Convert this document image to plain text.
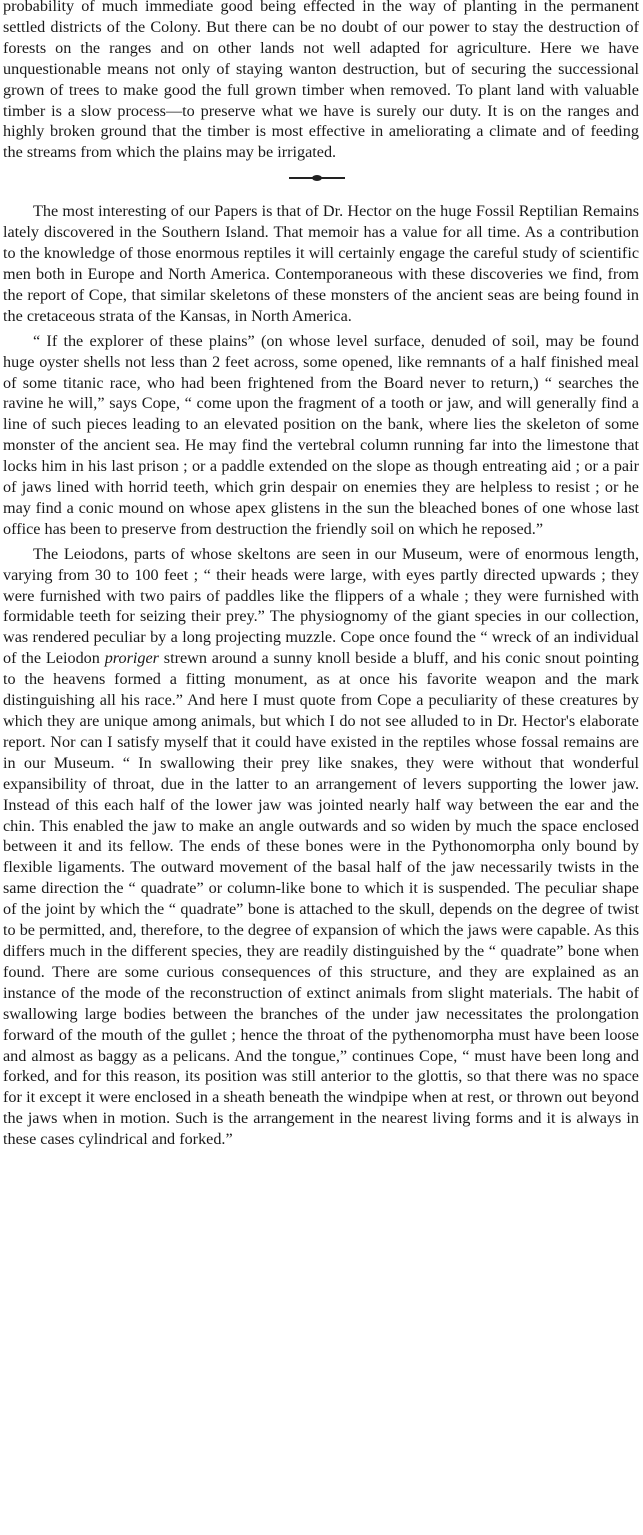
probability of much immediate good being effected in the way of planting in the permanent settled districts of the Colony. But there can be no doubt of our power to stay the destruction of forests on the ranges and on other lands not well adapted for agriculture. Here we have unquestionable means not only of staying wanton destruction, but of securing the successional grown of trees to make good the full grown timber when removed. To plant land with valuable timber is a slow process—to preserve what we have is surely our duty. It is on the ranges and highly broken ground that the timber is most effective in ameliorating a climate and of feeding the streams from which the plains may be irrigated.

The most interesting of our Papers is that of Dr. Hector on the huge Fossil Reptilian Remains lately discovered in the Southern Island. That memoir has a value for all time. As a contribution to the knowledge of those enormous reptiles it will certainly engage the careful study of scientific men both in Europe and North America. Contemporaneous with these discoveries we find, from the report of Cope, that similar skeletons of these monsters of the ancient seas are being found in the cretaceous strata of the Kansas, in North America.

“ If the explorer of these plains” (on whose level surface, denuded of soil, may be found huge oyster shells not less than 2 feet across, some opened, like remnants of a half finished meal of some titanic race, who had been frightened from the Board never to return,) “ searches the ravine he will,” says Cope, “ come upon the fragment of a tooth or jaw, and will generally find a line of such pieces leading to an elevated position on the bank, where lies the skeleton of some monster of the ancient sea. He may find the vertebral column running far into the limestone that locks him in his last prison ; or a paddle extended on the slope as though entreating aid ; or a pair of jaws lined with horrid teeth, which grin despair on enemies they are helpless to resist ; or he may find a conic mound on whose apex glistens in the sun the bleached bones of one whose last office has been to preserve from destruction the friendly soil on which he reposed.”

The Leiodons, parts of whose skeltons are seen in our Museum, were of enormous length, varying from 30 to 100 feet ; “ their heads were large, with eyes partly directed upwards ; they were furnished with two pairs of paddles like the flippers of a whale ; they were furnished with formidable teeth for seizing their prey.” The physiognomy of the giant species in our collection, was rendered peculiar by a long projecting muzzle. Cope once found the “ wreck of an individual of the Leiodon proriger strewn around a sunny knoll beside a bluff, and his conic snout pointing to the heavens formed a fitting monument, as at once his favorite weapon and the mark distinguishing all his race.” And here I must quote from Cope a peculiarity of these creatures by which they are unique among animals, but which I do not see alluded to in Dr. Hector's elaborate report. Nor can I satisfy myself that it could have existed in the reptiles whose fossal remains are in our Museum. “ In swallowing their prey like snakes, they were without that wonderful expansibility of throat, due in the latter to an arrangement of levers supporting the lower jaw. Instead of this each half of the lower jaw was jointed nearly half way between the ear and the chin. This enabled the jaw to make an angle outwards and so widen by much the space enclosed between it and its fellow. The ends of these bones were in the Pythonomorpha only bound by flexible ligaments. The outward movement of the basal half of the jaw necessarily twists in the same direction the “ quadrate” or column-like bone to which it is suspended. The peculiar shape of the joint by which the “ quadrate” bone is attached to the skull, depends on the degree of twist to be permitted, and, therefore, to the degree of expansion of which the jaws were capable. As this differs much in the different species, they are readily distinguished by the “ quadrate” bone when found. There are some curious consequences of this structure, and they are explained as an instance of the mode of the reconstruction of extinct animals from slight materials. The habit of swallowing large bodies between the branches of the under jaw necessitates the prolongation forward of the mouth of the gullet ; hence the throat of the pythenomorpha must have been loose and almost as baggy as a pelicans. And the tongue,” continues Cope, “ must have been long and forked, and for this reason, its position was still anterior to the glottis, so that there was no space for it except it were enclosed in a sheath beneath the windpipe when at rest, or thrown out beyond the jaws when in motion. Such is the arrangement in the nearest living forms and it is always in these cases cylindrical and forked.”
